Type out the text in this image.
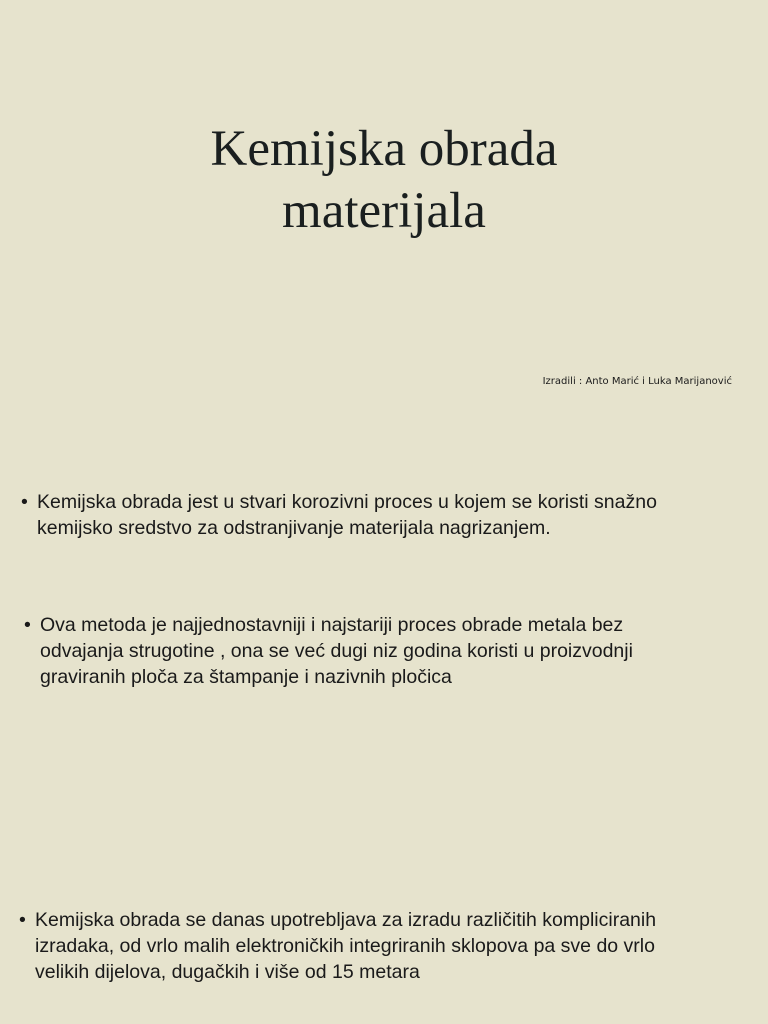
Kemijska obrada
materijala

Izradili : Anto Marić i Luka Marijanović

• Kemijska obrada jest u stvari korozivni proces u kojem se koristi snažno kemijsko sredstvo za odstranjivanje materijala nagrizanjem.
• Ova metoda je najjednostavniji i najstariji proces obrade metala bez odvajanja strugotine , ona se već dugi niz godina koristi u proizvodnji graviranih ploča za štampanje i nazivnih pločica
• Kemijska obrada se danas upotrebljava za izradu različitih kompliciranih izradaka, od vrlo malih elektroničkih integriranih sklopova pa sve do vrlo velikih dijelova, dugačkih i više od 15 metara
